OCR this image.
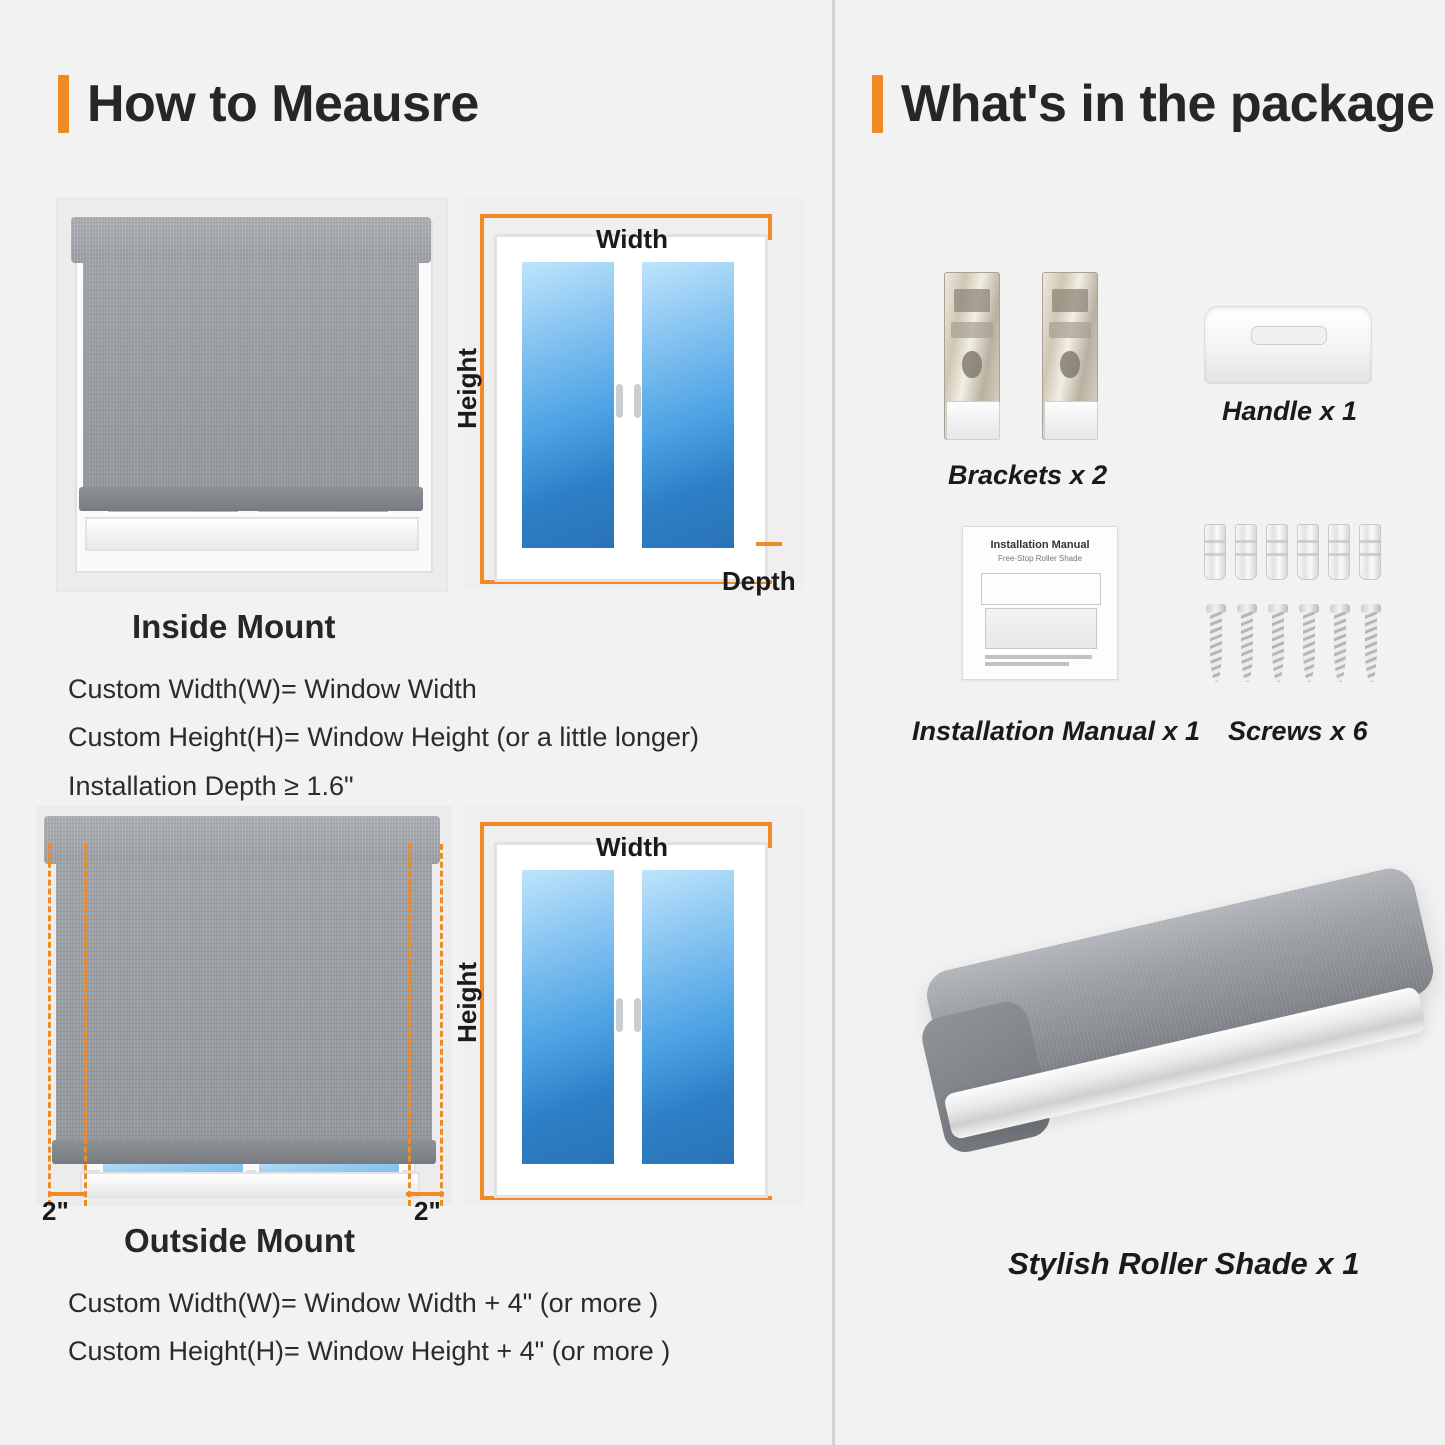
How to Meausre
Depth
Width
Height
Inside Mount
Custom Width(W)= Window Width
Custom Height(H)= Window Height (or a little longer)
Installation Depth ≥ 1.6"
2"	2"
Width
Height
Outside Mount
Custom Width(W)= Window Width + 4" (or more )
Custom Height(H)= Window Height + 4" (or more )
What's in the package
Brackets x 2
Handle x 1
Installation Manual
Free-Stop Roller Shade
Installation Manual x 1 Screws x 6
Stylish Roller Shade x 1
